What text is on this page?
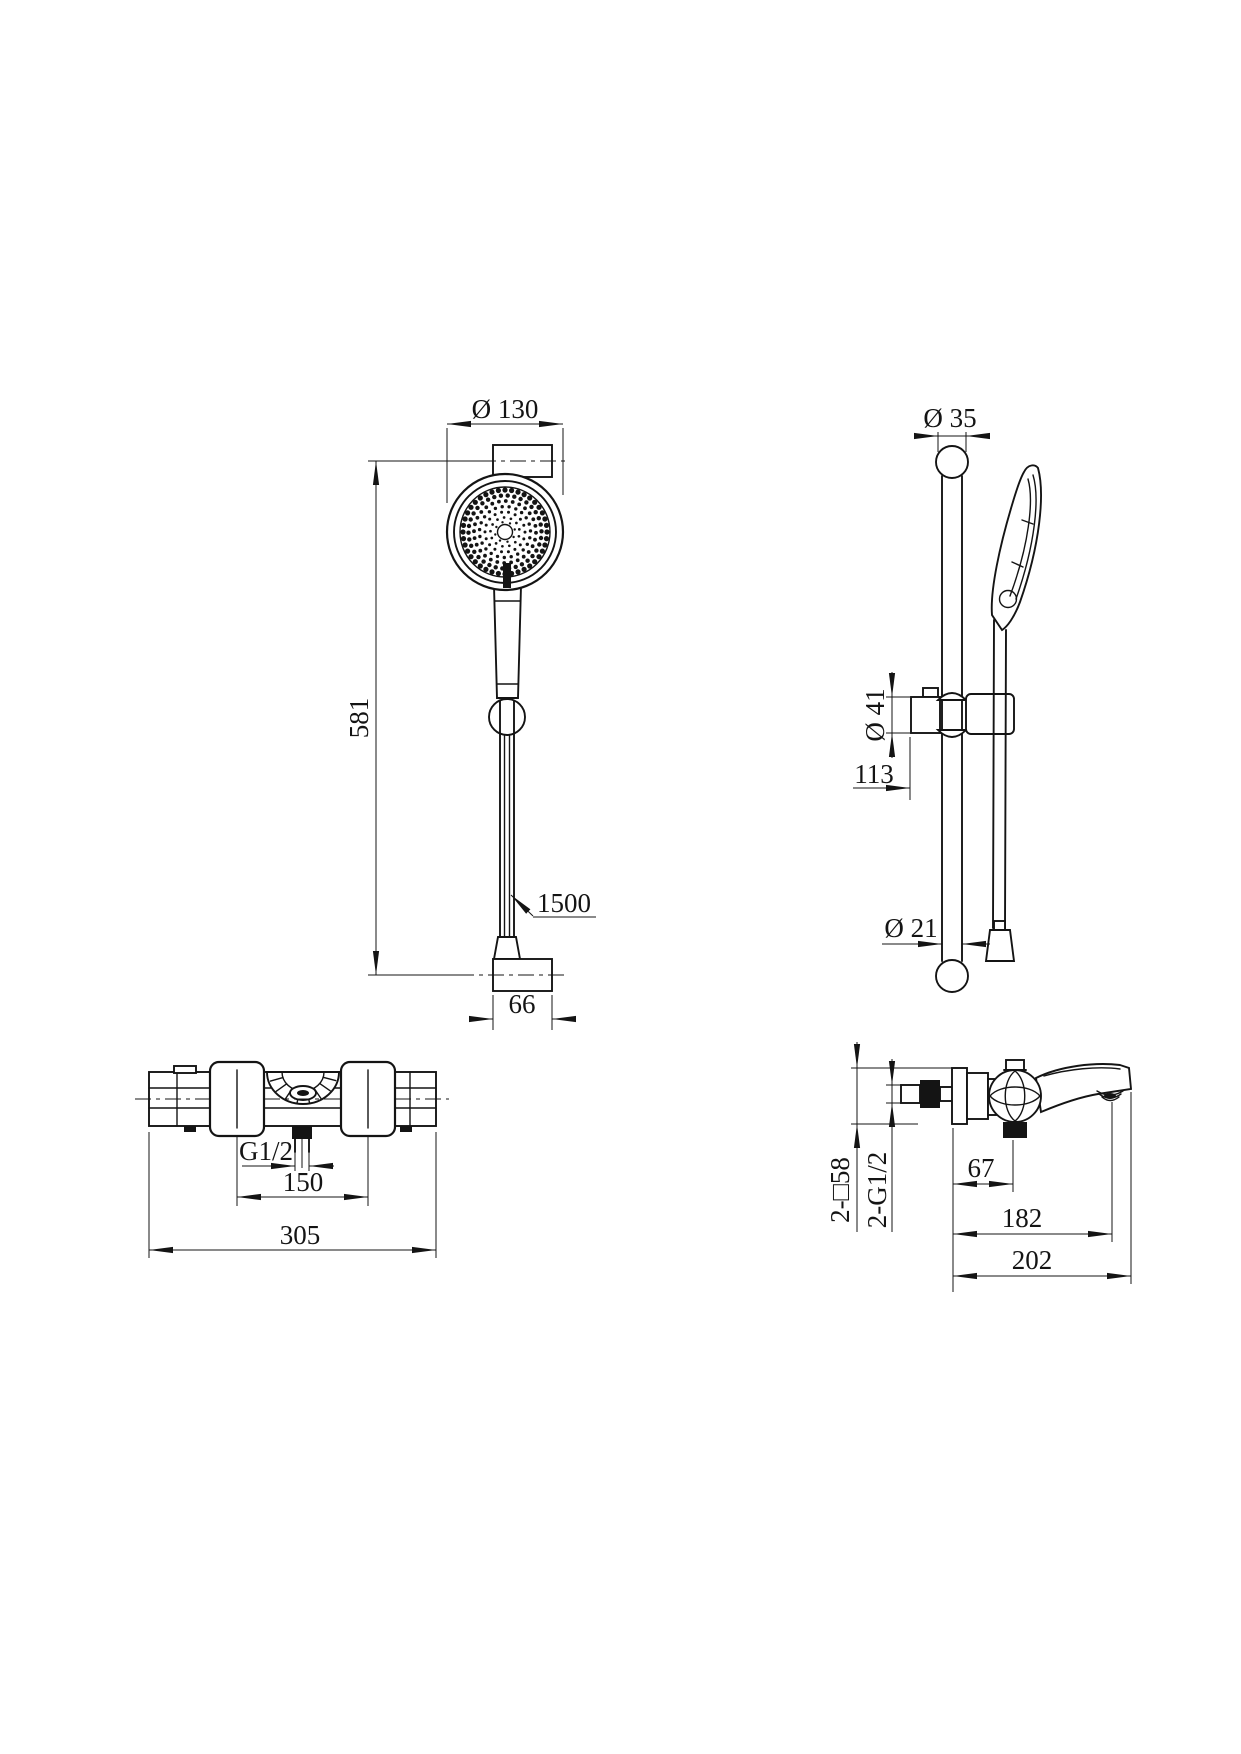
Ø 130
581
1500
66
Ø 35
Ø 41
113
Ø 21
G1/2
150
305
2-□58 2-G1/2	67
182
202
